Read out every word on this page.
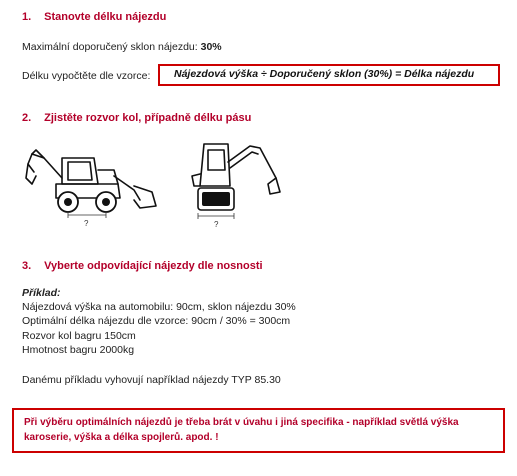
1. Stanovte délku nájezdu
Maximální doporučený sklon nájezdu: 30%
Délku vypočtěte dle vzorce:	Nájezdová výška ÷ Doporučený sklon (30%) = Délka nájezdu
2. Zjistěte rozvor kol, případně délku pásu
?	?
3. Vyberte odpovídající nájezdy dle nosnosti
Příklad:
Nájezdová výška na automobilu: 90cm, sklon nájezdu 30%
Optimální délka nájezdu dle vzorce: 90cm / 30% = 300cm
Rozvor kol bagru 150cm
Hmotnost bagru 2000kg
Danému příkladu vyhovují například nájezdy TYP 85.30
Při výběru optimálních nájezdů je třeba brát v úvahu i jiná specifika - například světlá výška
karoserie, výška a délka spojlerů. apod. !
